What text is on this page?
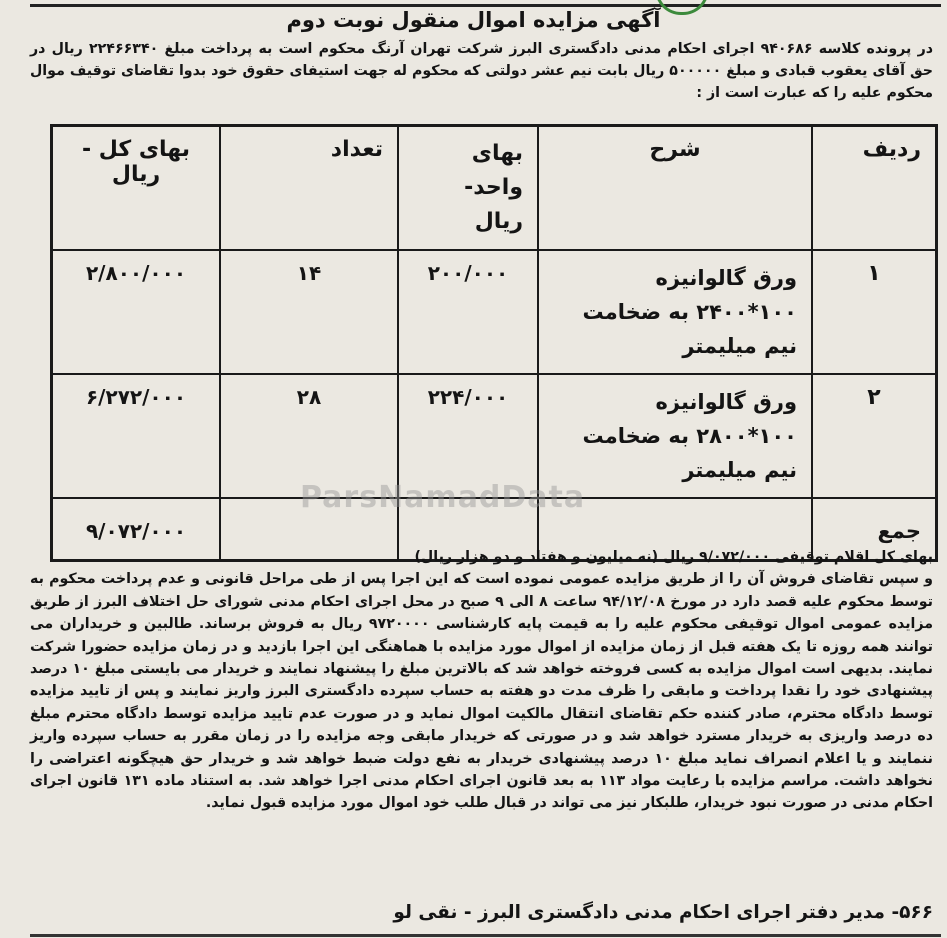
آگهی مزایده اموال منقول نوبت دوم
در پرونده کلاسه ۹۴۰۶۸۶ اجرای احکام مدنی دادگستری البرز شرکت تهران آرنگ محکوم است به پرداخت مبلغ ۲۲۴۶۶۳۴۰ ریال در حق آقای یعقوب قبادی و مبلغ ۵۰۰۰۰۰ ریال بابت نیم عشر دولتی که محکوم له جهت استیفای حقوق خود بدوا تقاضای توقیف موال محکوم علیه را که عبارت است از :
ردیف	شرح	بهای واحد- ریال	تعداد	بهای کل - ریال
۱	ورق گالوانیزه ۱۰۰*۲۴۰۰ به ضخامت نیم میلیمتر	۲۰۰/۰۰۰	۱۴	۲/۸۰۰/۰۰۰
۲	ورق گالوانیزه ۱۰۰*۲۸۰۰ به ضخامت نیم میلیمتر	۲۲۴/۰۰۰	۲۸	۶/۲۷۲/۰۰۰
جمع				۹/۰۷۲/۰۰۰
ParsNamadData
بهای کل اقلام توقیفی ۹/۰۷۲/۰۰۰ ریال (نه میلیون و هفتاد و دو هزار ریال)
و سپس تقاضای فروش آن را از طریق مزایده عمومی نموده است که این اجرا پس از طی مراحل قانونی و عدم پرداخت محکوم به توسط محکوم علیه قصد دارد در مورخ ۹۴/۱۲/۰۸ ساعت ۸ الی ۹ صبح در محل اجرای احکام مدنی شورای حل اختلاف البرز از طریق مزایده عمومی اموال توقیفی محکوم علیه را به قیمت پایه کارشناسی ۹۷۲۰۰۰۰ ریال به فروش برساند. طالبین و خریداران می توانند همه روزه تا یک هفته قبل از زمان مزایده از اموال مورد مزایده با هماهنگی این اجرا بازدید و در زمان مزایده حضورا شرکت نمایند. بدیهی است اموال مزایده به کسی فروخته خواهد شد که بالاترین مبلغ را پیشنهاد نمایند و خریدار می بایستی مبلغ ۱۰ درصد پیشنهادی خود را نقدا پرداخت و مابقی را ظرف مدت دو هفته به حساب سپرده دادگستری البرز واریز نمایند و پس از تایید مزایده توسط دادگاه محترم، صادر کننده حکم تقاضای انتقال مالکیت اموال نماید و در صورت عدم تایید مزایده توسط دادگاه محترم مبلغ ده درصد واریزی به خریدار مسترد خواهد شد و در صورتی که خریدار مابقی وجه مزایده را در زمان مقرر به حساب سپرده واریز ننمایند و یا اعلام انصراف نماید مبلغ ۱۰ درصد پیشنهادی خریدار به نفع دولت ضبط خواهد شد و خریدار حق هیچگونه اعتراضی را نخواهد داشت. مراسم مزایده با رعایت مواد ۱۱۳ به بعد قانون اجرای احکام مدنی اجرا خواهد شد. به استناد ماده ۱۳۱ قانون اجرای احکام مدنی در صورت نبود خریدار، طلبکار نیز می تواند در قبال طلب خود اموال مورد مزایده قبول نماید.
۵۶۶- مدیر دفتر اجرای احکام مدنی دادگستری البرز - نقی لو
